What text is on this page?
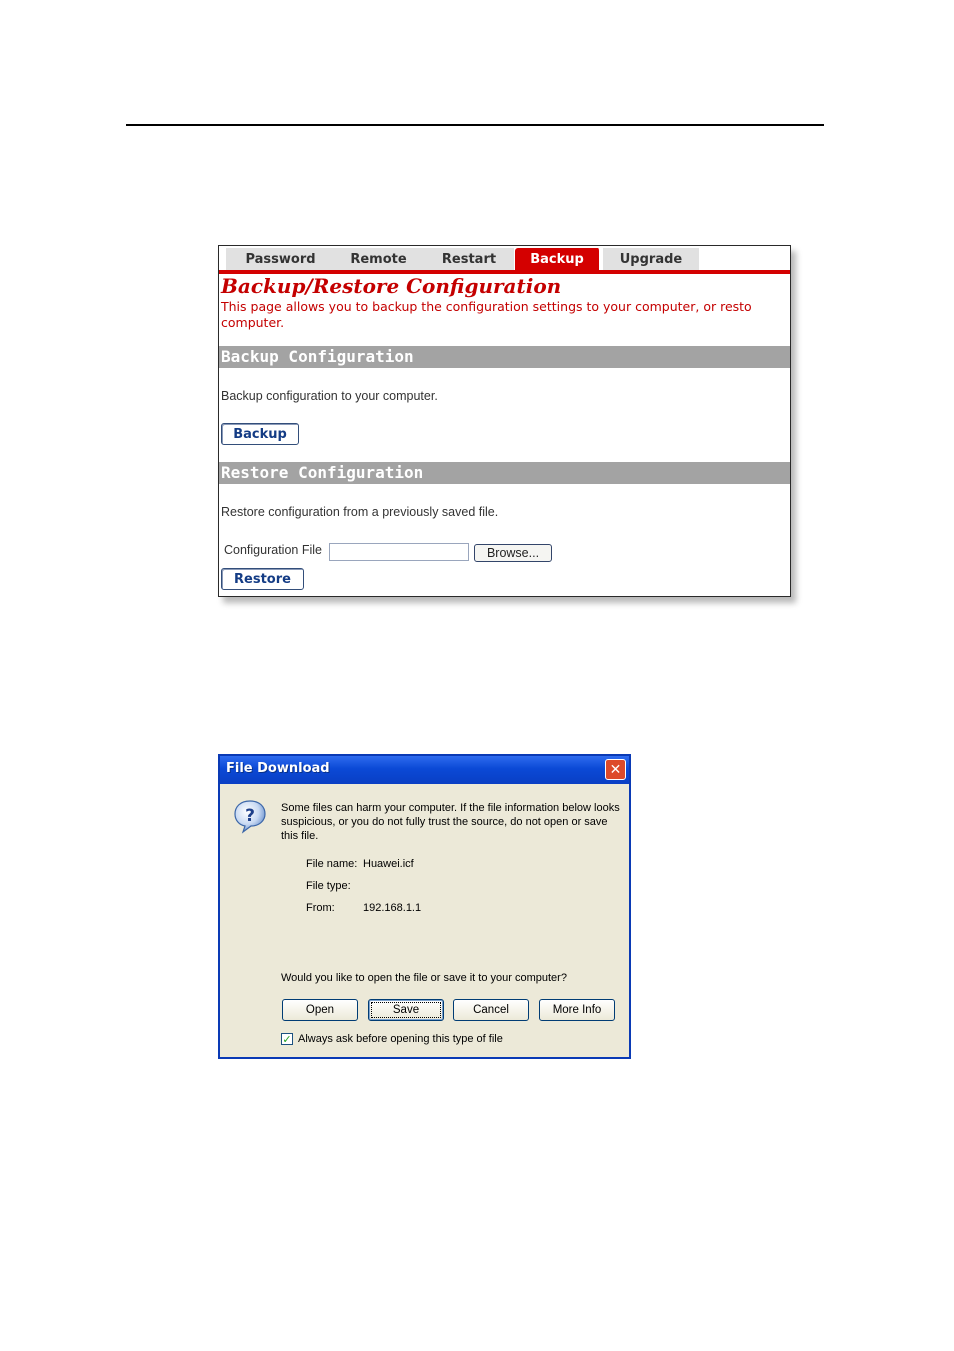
Password	Remote	Restart	Backup	Upgrade
Backup/Restore Configuration
This page allows you to backup the configuration settings to your computer, or resto
computer.
Backup Configuration
Backup configuration to your computer.
Backup
Restore Configuration
Restore configuration from a previously saved file.
Configuration File	Browse...
Restore
File Download	✕
? Some files can harm your computer. If the file information below looks suspicious, or you do not fully trust the source, do not open or save this file.
File name: Huawei.icf
File type:
From:	192.168.1.1
Would you like to open the file or save it to your computer?
Open	Save	Cancel	More Info
✓ Always ask before opening this type of file
